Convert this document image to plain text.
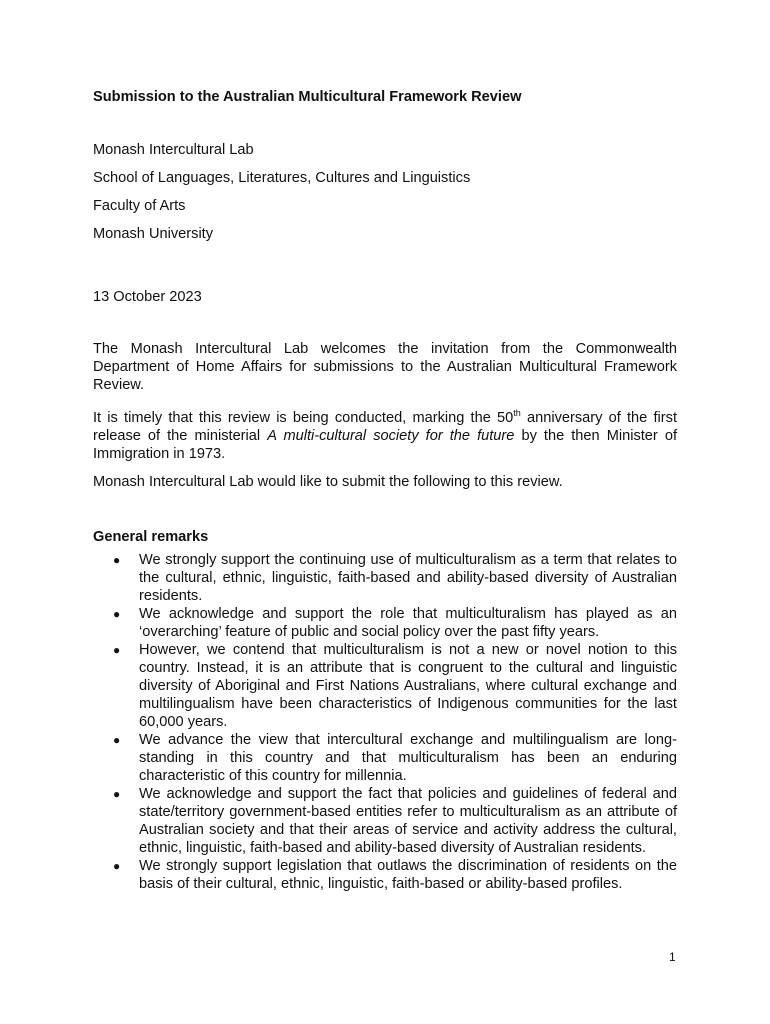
Submission to the Australian Multicultural Framework Review

Monash Intercultural Lab

School of Languages, Literatures, Cultures and Linguistics

Faculty of Arts

Monash University

13 October 2023

The Monash Intercultural Lab welcomes the invitation from the Commonwealth Department of Home Affairs for submissions to the Australian Multicultural Framework Review.

It is timely that this review is being conducted, marking the 50th anniversary of the first release of the ministerial A multi-cultural society for the future by the then Minister of Immigration in 1973.

Monash Intercultural Lab would like to submit the following to this review.

General remarks
● We strongly support the continuing use of multiculturalism as a term that relates to the cultural, ethnic, linguistic, faith-based and ability-based diversity of Australian residents.
● We acknowledge and support the role that multiculturalism has played as an ‘overarching’ feature of public and social policy over the past fifty years.
● However, we contend that multiculturalism is not a new or novel notion to this country. Instead, it is an attribute that is congruent to the cultural and linguistic diversity of Aboriginal and First Nations Australians, where cultural exchange and multilingualism have been characteristics of Indigenous communities for the last 60,000 years.
● We advance the view that intercultural exchange and multilingualism are long-standing in this country and that multiculturalism has been an enduring characteristic of this country for millennia.
● We acknowledge and support the fact that policies and guidelines of federal and state/territory government-based entities refer to multiculturalism as an attribute of Australian society and that their areas of service and activity address the cultural, ethnic, linguistic, faith-based and ability-based diversity of Australian residents.
● We strongly support legislation that outlaws the discrimination of residents on the basis of their cultural, ethnic, linguistic, faith-based or ability-based profiles.
1
